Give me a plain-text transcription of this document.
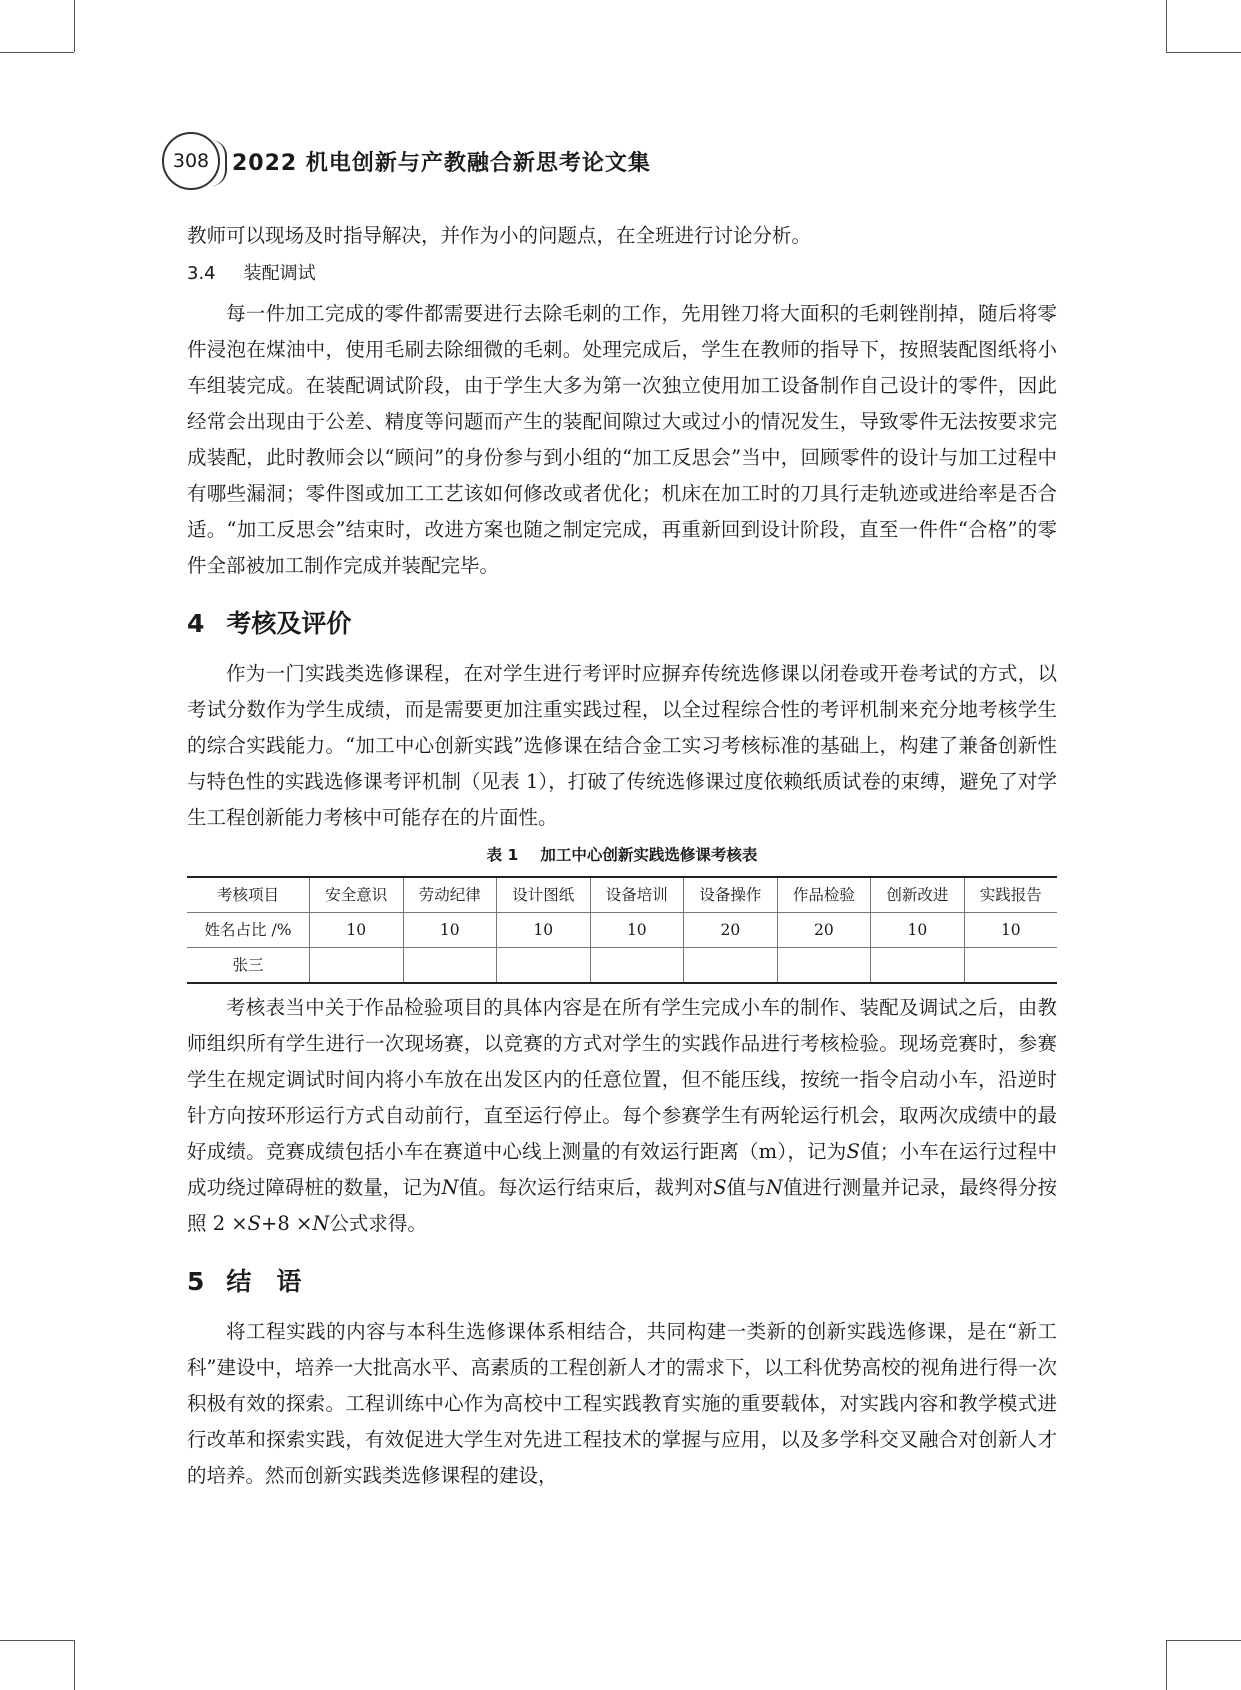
308	2022 机电创新与产教融合新思考论文集

教师可以现场及时指导解决，并作为小的问题点，在全班进行讨论分析。

3.4 装配调试

每一件加工完成的零件都需要进行去除毛刺的工作，先用锉刀将大面积的毛刺锉削掉，随后将零件浸泡在煤油中，使用毛刷去除细微的毛刺。处理完成后，学生在教师的指导下，按照装配图纸将小车组装完成。在装配调试阶段，由于学生大多为第一次独立使用加工设备制作自己设计的零件，因此经常会出现由于公差、精度等问题而产生的装配间隙过大或过小的情况发生，导致零件无法按要求完成装配，此时教师会以“顾问”的身份参与到小组的“加工反思会”当中，回顾零件的设计与加工过程中有哪些漏洞；零件图或加工工艺该如何修改或者优化；机床在加工时的刀具行走轨迹或进给率是否合适。“加工反思会”结束时，改进方案也随之制定完成，再重新回到设计阶段，直至一件件“合格”的零件全部被加工制作完成并装配完毕。

4 考核及评价

作为一门实践类选修课程，在对学生进行考评时应摒弃传统选修课以闭卷或开卷考试的方式，以考试分数作为学生成绩，而是需要更加注重实践过程，以全过程综合性的考评机制来充分地考核学生的综合实践能力。“加工中心创新实践”选修课在结合金工实习考核标准的基础上，构建了兼备创新性与特色性的实践选修课考评机制（见表 1），打破了传统选修课过度依赖纸质试卷的束缚，避免了对学生工程创新能力考核中可能存在的片面性。

表 1 加工中心创新实践选修课考核表
考核项目	安全意识	劳动纪律	设计图纸	设备培训	设备操作	作品检验	创新改进	实践报告
姓名占比 /%	10	10	10	10	20	20	10	10
张三								

考核表当中关于作品检验项目的具体内容是在所有学生完成小车的制作、装配及调试之后，由教师组织所有学生进行一次现场赛，以竞赛的方式对学生的实践作品进行考核检验。现场竞赛时，参赛学生在规定调试时间内将小车放在出发区内的任意位置，但不能压线，按统一指令启动小车，沿逆时针方向按环形运行方式自动前行，直至运行停止。每个参赛学生有两轮运行机会，取两次成绩中的最好成绩。竞赛成绩包括小车在赛道中心线上测量的有效运行距离（m），记为S值；小车在运行过程中成功绕过障碍桩的数量，记为N值。每次运行结束后，裁判对S值与N值进行测量并记录，最终得分按照 2 ×S+8 ×N公式求得。

5 结　语

将工程实践的内容与本科生选修课体系相结合，共同构建一类新的创新实践选修课，是在“新工科”建设中，培养一大批高水平、高素质的工程创新人才的需求下，以工科优势高校的视角进行得一次积极有效的探索。工程训练中心作为高校中工程实践教育实施的重要载体，对实践内容和教学模式进行改革和探索实践，有效促进大学生对先进工程技术的掌握与应用，以及多学科交叉融合对创新人才的培养。然而创新实践类选修课程的建设，
